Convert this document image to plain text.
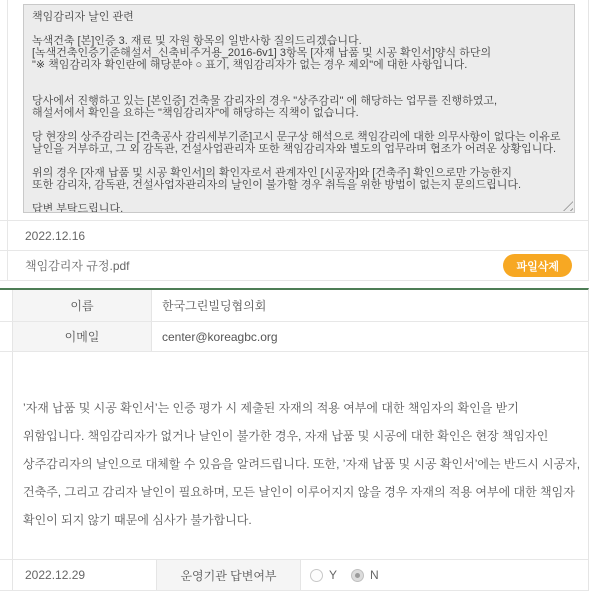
책임감리자 날인 관련 녹색건축 [본]인증 3. 재료 및 자원 항목의 일반사항 질의드리겠습니다. [녹색건축인증기준해설서_신축비주거용_2016-6v1] 3항목 [자재 납품 및 시공 확인서]양식 하단의 "※ 책임감리자 확인란에 해당분야 ○ 표기, 책임감리자가 없는 경우 제외"에 대한 사항입니다. 당사에서 진행하고 있는 [본인증] 건축물 감리자의 경우 "상주감리" 에 해당하는 업무를 진행하였고, 해설서에서 확인을 요하는 "책임감리자"에 해당하는 직책이 없습니다. 당 현장의 상주감리는 [건축공사 감리세부기준]고시 문구상 해석으로 책임감리에 대한 의무사항이 없다는 이유로 날인을 거부하고, 그 외 감독관, 건설사업관리자 또한 책임감리자와 별도의 업무라며 협조가 어려운 상황입니다. 위의 경우 [자재 납품 및 시공 확인서]의 확인자로서 관계자인 [시공자]와 [건축주] 확인으로만 가능한지 또한 감리자, 감독관, 건설사업자관리자의 날인이 불가할 경우 취득을 위한 방법이 없는지 문의드립니다. 답변 부탁드립니다. * 첨부, 책임감리자 규정 : 상주감리와 책임감리의 정의 및 업무범위 차이.
2022.12.16
책임감리자 규정.pdf	파일삭제
이름	한국그린빌딩협의회
이메일	center@koreagbc.org
’자재 납품 및 시공 확인서’는 인증 평가 시 제출된 자재의 적용 여부에 대한 책임자의 확인을 받기 위함입니다. 책임감리자가 없거나 날인이 불가한 경우, 자재 납품 및 시공에 대한 확인은 현장 책임자인 상주감리자의 날인으로 대체할 수 있음을 알려드립니다. 또한, ’자재 납품 및 시공 확인서’에는 반드시 시공자, 건축주, 그리고 감리자 날인이 필요하며, 모든 날인이 이루어지지 않을 경우 자재의 적용 여부에 대한 책임자 확인이 되지 않기 때문에 심사가 불가합니다.
2022.12.29	운영기관 답변여부	Y	N
